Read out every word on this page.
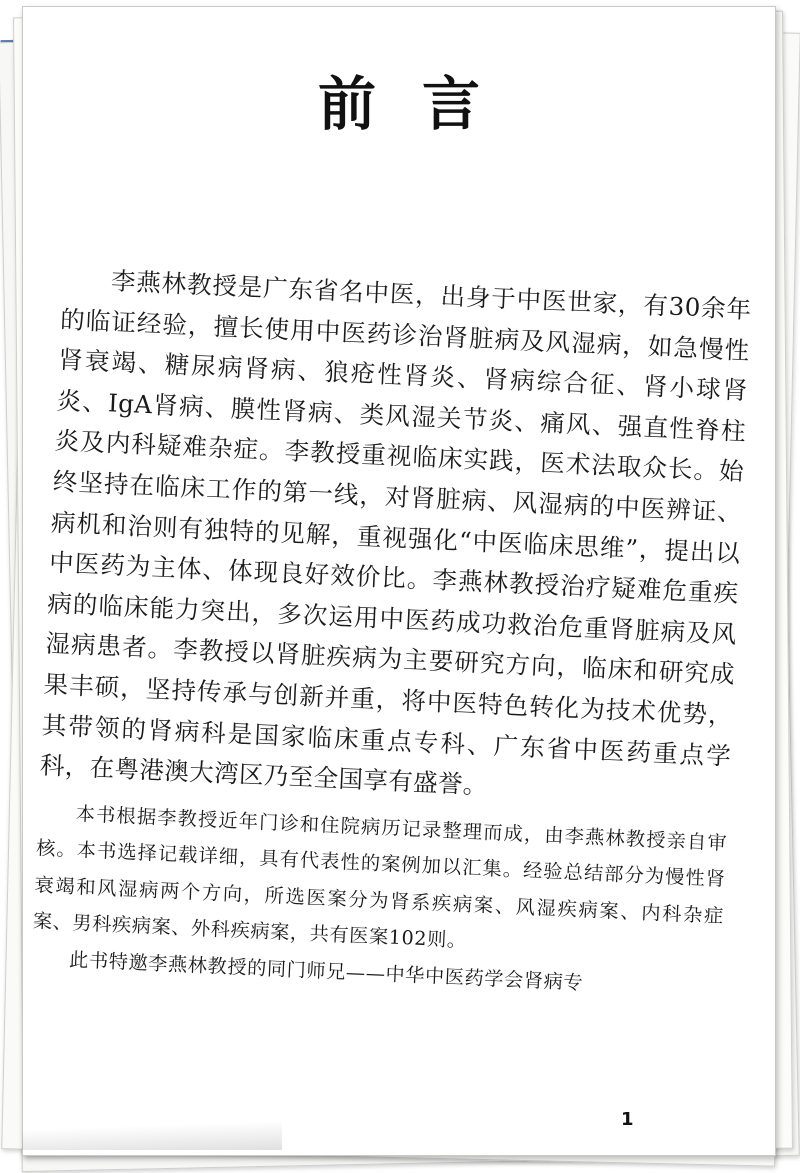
前言

李燕林教授是广东省名中医，出身于中医世家，有30余年的临证经验，擅长使用中医药诊治肾脏病及风湿病，如急慢性肾衰竭、糖尿病肾病、狼疮性肾炎、肾病综合征、肾小球肾炎、IgA肾病、膜性肾病、类风湿关节炎、痛风、强直性脊柱炎及内科疑难杂症。李教授重视临床实践，医术法取众长。始终坚持在临床工作的第一线，对肾脏病、风湿病的中医辨证、病机和治则有独特的见解，重视强化“中医临床思维”，提出以中医药为主体、体现良好效价比。李燕林教授治疗疑难危重疾病的临床能力突出，多次运用中医药成功救治危重肾脏病及风湿病患者。李教授以肾脏疾病为主要研究方向，临床和研究成果丰硕，坚持传承与创新并重，将中医特色转化为技术优势，其带领的肾病科是国家临床重点专科、广东省中医药重点学科，在粤港澳大湾区乃至全国享有盛誉。

本书根据李教授近年门诊和住院病历记录整理而成，由李燕林教授亲自审核。本书选择记载详细，具有代表性的案例加以汇集。经验总结部分为慢性肾衰竭和风湿病两个方向，所选医案分为肾系疾病案、风湿疾病案、内科杂症案、男科疾病案、外科疾病案，共有医案102则。

此书特邀李燕林教授的同门师兄——中华中医药学会肾病专

1
